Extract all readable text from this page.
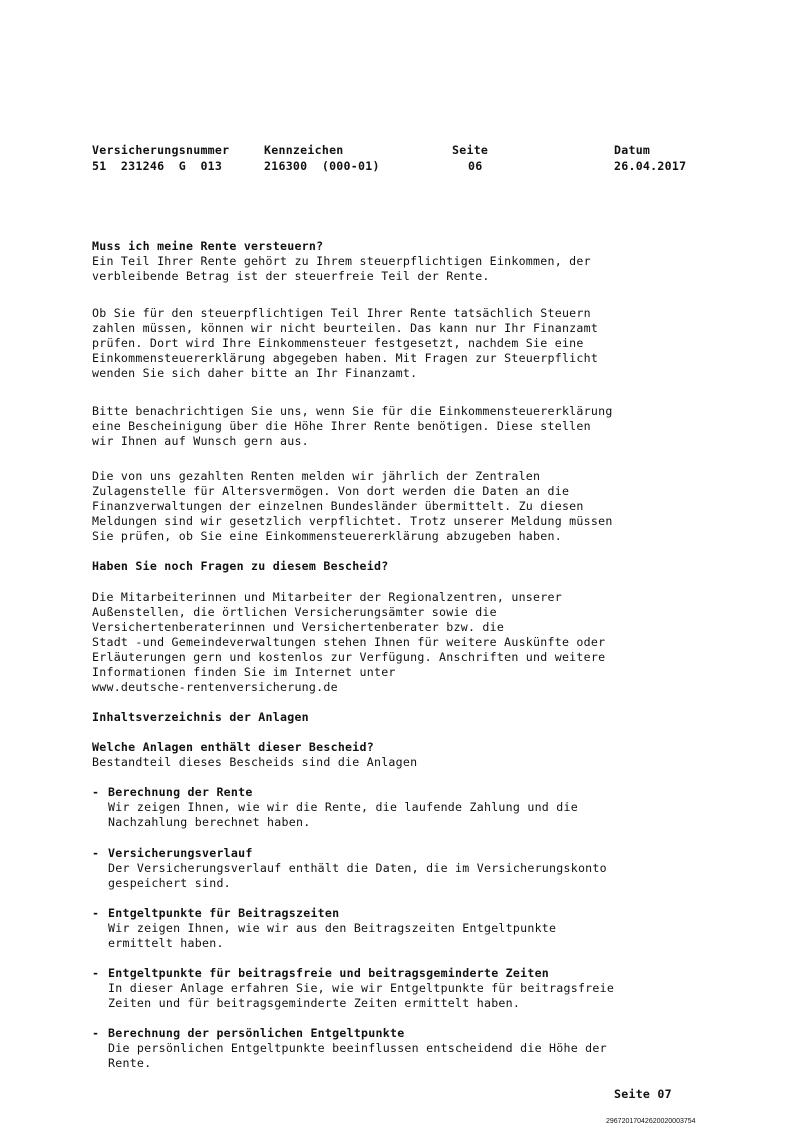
Versicherungsnummer
51  231246  G  013
Kennzeichen
216300  (000-01)
Seite
06
Datum
26.04.2017

Muss ich meine Rente versteuern?

Ein Teil Ihrer Rente gehört zu Ihrem steuerpflichtigen Einkommen, der
verbleibende Betrag ist der steuerfreie Teil der Rente.

Ob Sie für den steuerpflichtigen Teil Ihrer Rente tatsächlich Steuern
zahlen müssen, können wir nicht beurteilen. Das kann nur Ihr Finanzamt
prüfen. Dort wird Ihre Einkommensteuer festgesetzt, nachdem Sie eine
Einkommensteuererklärung abgegeben haben. Mit Fragen zur Steuerpflicht
wenden Sie sich daher bitte an Ihr Finanzamt.

Bitte benachrichtigen Sie uns, wenn Sie für die Einkommensteuererklärung
eine Bescheinigung über die Höhe Ihrer Rente benötigen. Diese stellen
wir Ihnen auf Wunsch gern aus.

Die von uns gezahlten Renten melden wir jährlich der Zentralen
Zulagenstelle für Altersvermögen. Von dort werden die Daten an die
Finanzverwaltungen der einzelnen Bundesländer übermittelt. Zu diesen
Meldungen sind wir gesetzlich verpflichtet. Trotz unserer Meldung müssen
Sie prüfen, ob Sie eine Einkommensteuererklärung abzugeben haben.

Haben Sie noch Fragen zu diesem Bescheid?

Die Mitarbeiterinnen und Mitarbeiter der Regionalzentren, unserer
Außenstellen, die örtlichen Versicherungsämter sowie die
Versichertenberaterinnen und Versichertenberater bzw. die
Stadt -und Gemeindeverwaltungen stehen Ihnen für weitere Auskünfte oder
Erläuterungen gern und kostenlos zur Verfügung. Anschriften und weitere
Informationen finden Sie im Internet unter
www.deutsche-rentenversicherung.de

Inhaltsverzeichnis der Anlagen

Welche Anlagen enthält dieser Bescheid?

Bestandteil dieses Bescheids sind die Anlagen

- Berechnung der Rente
Wir zeigen Ihnen, wie wir die Rente, die laufende Zahlung und die
Nachzahlung berechnet haben.
- Versicherungsverlauf
Der Versicherungsverlauf enthält die Daten, die im Versicherungskonto
gespeichert sind.
- Entgeltpunkte für Beitragszeiten
Wir zeigen Ihnen, wie wir aus den Beitragszeiten Entgeltpunkte
ermittelt haben.
- Entgeltpunkte für beitragsfreie und beitragsgeminderte Zeiten
In dieser Anlage erfahren Sie, wie wir Entgeltpunkte für beitragsfreie
Zeiten und für beitragsgeminderte Zeiten ermittelt haben.
- Berechnung der persönlichen Entgeltpunkte
Die persönlichen Entgeltpunkte beeinflussen entscheidend die Höhe der
Rente.
Seite 07
29672017042620020003754
